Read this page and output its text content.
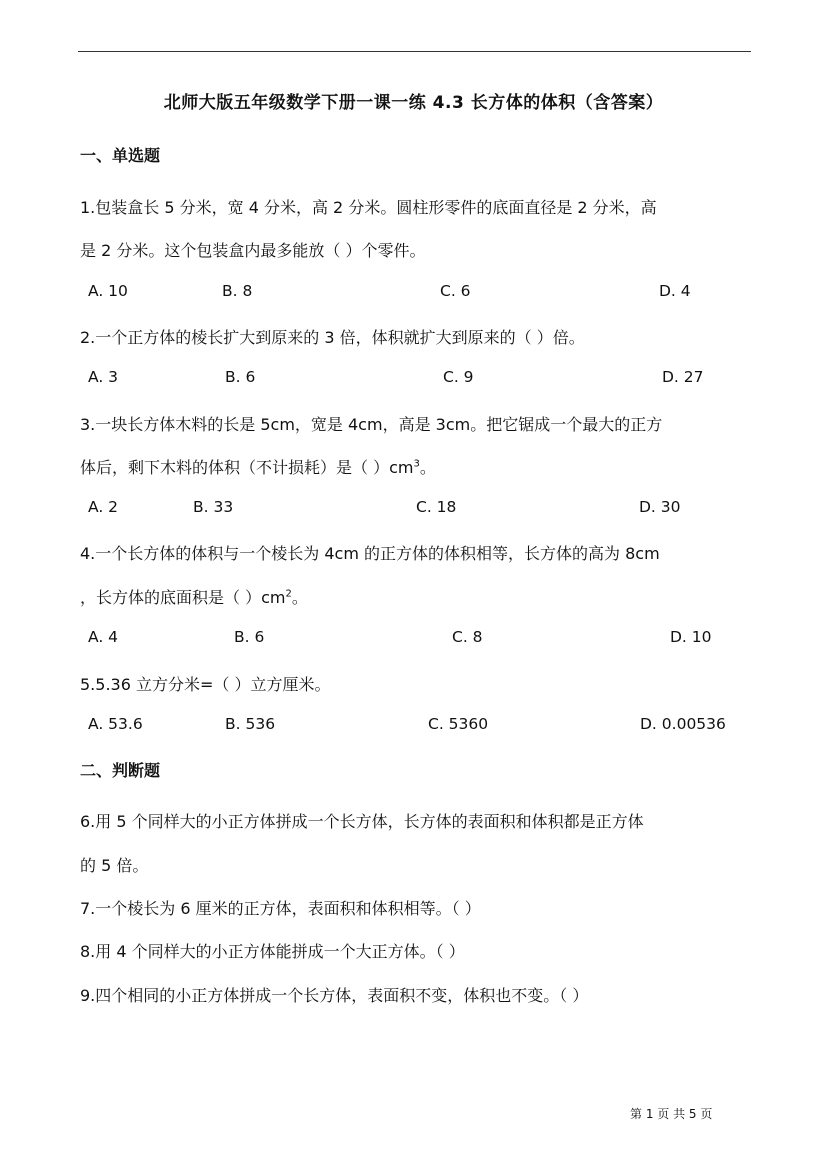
北师大版五年级数学下册一课一练 4.3 长方体的体积（含答案）
一、单选题
1.包装盒长 5 分米，宽 4 分米，高 2 分米。圆柱形零件的底面直径是 2 分米，高
是 2 分米。这个包装盒内最多能放（ ）个零件。
A. 10	B. 8	C. 6	D. 4
2.一个正方体的棱长扩大到原来的 3 倍，体积就扩大到原来的（ ）倍。
A. 3	B. 6	C. 9	D. 27
3.一块长方体木料的长是 5cm，宽是 4cm，高是 3cm。把它锯成一个最大的正方
体后，剩下木料的体积（不计损耗）是（ ）$cm^3$。
A. 2	B. 33	C. 18	D. 30
4.一个长方体的体积与一个棱长为 4cm 的正方体的体积相等，长方体的高为 8cm
，长方体的底面积是（ ）$cm^2$。
A. 4	B. 6	C. 8	D. 10
5.5.36 立方分米=（ ）立方厘米。
A. 53.6	B. 536	C. 5360	D. 0.00536
二、判断题
6.用 5 个同样大的小正方体拼成一个长方体，长方体的表面积和体积都是正方体
的 5 倍。
7.一个棱长为 6 厘米的正方体，表面积和体积相等。（ ）
8.用 4 个同样大的小正方体能拼成一个大正方体。（ ）
9.四个相同的小正方体拼成一个长方体，表面积不变，体积也不变。（ ）
第 1 页 共 5 页
